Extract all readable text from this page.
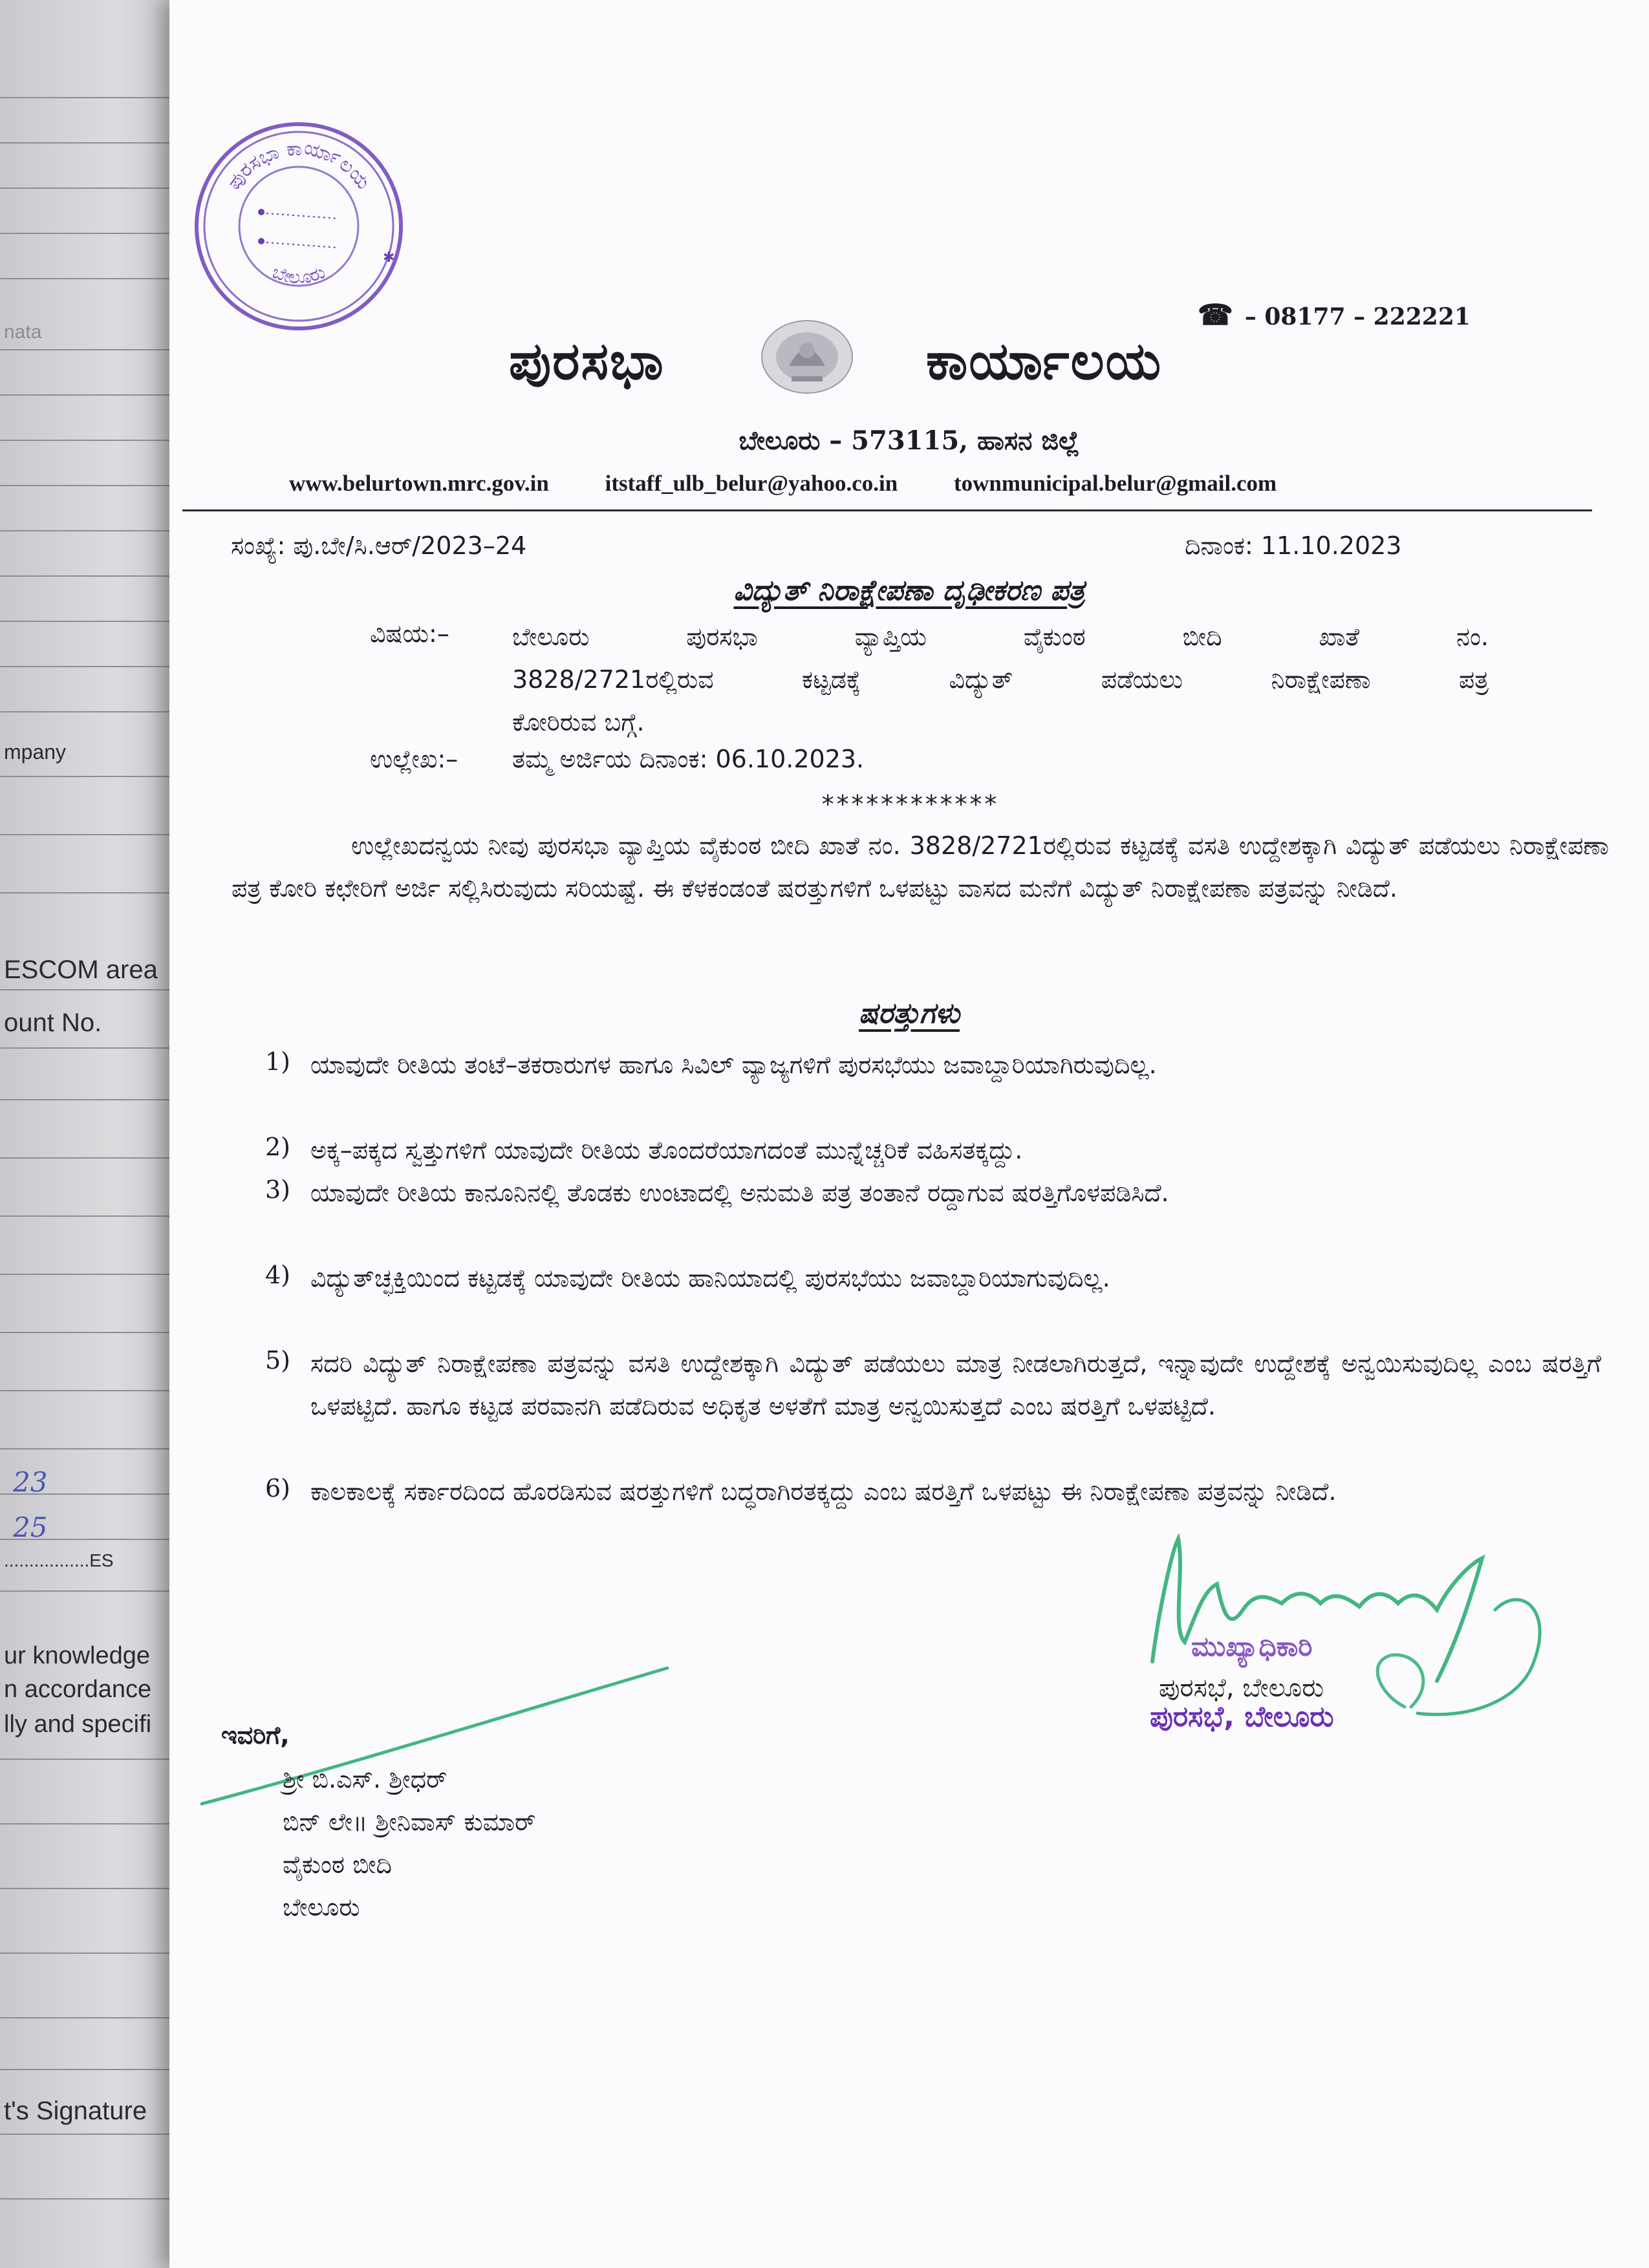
nata
mpany
ESCOM area
ount No.
.................ES
ur knowledge
n accordance
lly and specifi
t's Signature
23
25
ಪುರಸಭಾ ಕಾರ್ಯಾಲಯ
ಬೇಲೂರು
✱
☎ – 08177 – 222221
ಪುರಸಭಾ	ಕಾರ್ಯಾಲಯ
ಬೇಲೂರು – 573115, ಹಾಸನ ಜಿಲ್ಲೆ
www.belurtown.mrc.gov.in itstaff_ulb_belur@yahoo.co.in townmunicipal.belur@gmail.com
ಸಂಖ್ಯೆ: ಪು.ಬೇ/ಸಿ.ಆರ್/2023–24	ದಿನಾಂಕ: 11.10.2023
ವಿದ್ಯುತ್ ನಿರಾಕ್ಷೇಪಣಾ ದೃಢೀಕರಣ ಪತ್ರ
ವಿಷಯ:–	ಬೇಲೂರು ಪುರಸಭಾ ವ್ಯಾಪ್ತಿಯ ವೈಕುಂಠ ಬೀದಿ ಖಾತೆ ನಂ.
3828/2721ರಲ್ಲಿರುವ ಕಟ್ಟಡಕ್ಕೆ ವಿದ್ಯುತ್ ಪಡೆಯಲು ನಿರಾಕ್ಷೇಪಣಾ ಪತ್ರ
ಕೋರಿರುವ ಬಗ್ಗೆ.
ಉಲ್ಲೇಖ:– ತಮ್ಮ ಅರ್ಜಿಯ ದಿನಾಂಕ: 06.10.2023.
************
ಉಲ್ಲೇಖದನ್ವಯ ನೀವು ಪುರಸಭಾ ವ್ಯಾಪ್ತಿಯ ವೈಕುಂಠ ಬೀದಿ ಖಾತೆ ನಂ. 3828/2721ರಲ್ಲಿರುವ ಕಟ್ಟಡಕ್ಕೆ ವಸತಿ ಉದ್ದೇಶಕ್ಕಾಗಿ ವಿದ್ಯುತ್ ಪಡೆಯಲು ನಿರಾಕ್ಷೇಪಣಾ ಪತ್ರ ಕೋರಿ ಕಛೇರಿಗೆ ಅರ್ಜಿ ಸಲ್ಲಿಸಿರುವುದು ಸರಿಯಷ್ಟೆ. ಈ ಕೆಳಕಂಡಂತೆ ಷರತ್ತುಗಳಿಗೆ ಒಳಪಟ್ಟು ವಾಸದ ಮನೆಗೆ ವಿದ್ಯುತ್ ನಿರಾಕ್ಷೇಪಣಾ ಪತ್ರವನ್ನು ನೀಡಿದೆ.
ಷರತ್ತುಗಳು
1) ಯಾವುದೇ ರೀತಿಯ ತಂಟೆ–ತಕರಾರುಗಳ ಹಾಗೂ ಸಿವಿಲ್ ವ್ಯಾಜ್ಯಗಳಿಗೆ ಪುರಸಭೆಯು ಜವಾಬ್ದಾರಿಯಾಗಿರುವುದಿಲ್ಲ.
2) ಅಕ್ಕ–ಪಕ್ಕದ ಸ್ವತ್ತುಗಳಿಗೆ ಯಾವುದೇ ರೀತಿಯ ತೊಂದರೆಯಾಗದಂತೆ ಮುನ್ನೆಚ್ಚರಿಕೆ ವಹಿಸತಕ್ಕದ್ದು.
3) ಯಾವುದೇ ರೀತಿಯ ಕಾನೂನಿನಲ್ಲಿ ತೊಡಕು ಉಂಟಾದಲ್ಲಿ ಅನುಮತಿ ಪತ್ರ ತಂತಾನೆ ರದ್ದಾಗುವ ಷರತ್ತಿಗೊಳಪಡಿಸಿದೆ.
4) ವಿದ್ಯುತ್‌ಚ್ಛಕ್ತಿಯಿಂದ ಕಟ್ಟಡಕ್ಕೆ ಯಾವುದೇ ರೀತಿಯ ಹಾನಿಯಾದಲ್ಲಿ ಪುರಸಭೆಯು ಜವಾಬ್ದಾರಿಯಾಗುವುದಿಲ್ಲ.
5) ಸದರಿ ವಿದ್ಯುತ್ ನಿರಾಕ್ಷೇಪಣಾ ಪತ್ರವನ್ನು ವಸತಿ ಉದ್ದೇಶಕ್ಕಾಗಿ ವಿದ್ಯುತ್ ಪಡೆಯಲು ಮಾತ್ರ ನೀಡಲಾಗಿರುತ್ತದೆ, ಇನ್ನಾವುದೇ ಉದ್ದೇಶಕ್ಕೆ ಅನ್ವಯಿಸುವುದಿಲ್ಲ ಎಂಬ ಷರತ್ತಿಗೆ ಒಳಪಟ್ಟಿದೆ. ಹಾಗೂ ಕಟ್ಟಡ ಪರವಾನಗಿ ಪಡೆದಿರುವ ಅಧಿಕೃತ ಅಳತೆಗೆ ಮಾತ್ರ ಅನ್ವಯಿಸುತ್ತದೆ ಎಂಬ ಷರತ್ತಿಗೆ ಒಳಪಟ್ಟಿದೆ.
6) ಕಾಲಕಾಲಕ್ಕೆ ಸರ್ಕಾರದಿಂದ ಹೊರಡಿಸುವ ಷರತ್ತುಗಳಿಗೆ ಬದ್ಧರಾಗಿರತಕ್ಕದ್ದು ಎಂಬ ಷರತ್ತಿಗೆ ಒಳಪಟ್ಟು ಈ ನಿರಾಕ್ಷೇಪಣಾ ಪತ್ರವನ್ನು ನೀಡಿದೆ.
ಮುಖ್ಯಾಧಿಕಾರಿ
ಪುರಸಭೆ, ಬೇಲೂರು
ಪುರಸಭೆ, ಬೇಲೂರು
ಇವರಿಗೆ,
ಶ್ರೀ ಬಿ.ಎಸ್. ಶ್ರೀಧರ್
ಬಿನ್ ಲೇ॥ ಶ್ರೀನಿವಾಸ್ ಕುಮಾರ್
ವೈಕುಂಠ ಬೀದಿ
ಬೇಲೂರು
